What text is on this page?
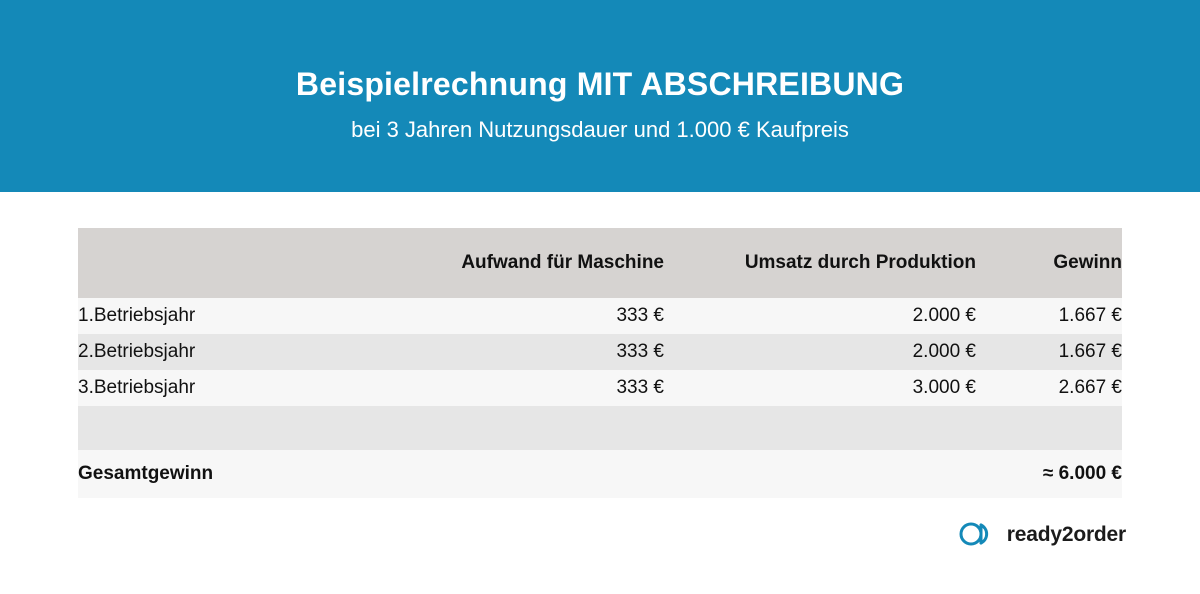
Beispielrechnung MIT ABSCHREIBUNG

bei 3 Jahren Nutzungsdauer und 1.000 € Kaufpreis

	Aufwand für Maschine	Umsatz durch Produktion	Gewinn
1.Betriebsjahr	333 €	2.000 €	1.667 €
2.Betriebsjahr	333 €	2.000 €	1.667 €
3.Betriebsjahr	333 €	3.000 €	2.667 €

Gesamtgewinn			≈ 6.000 €
ready2order
